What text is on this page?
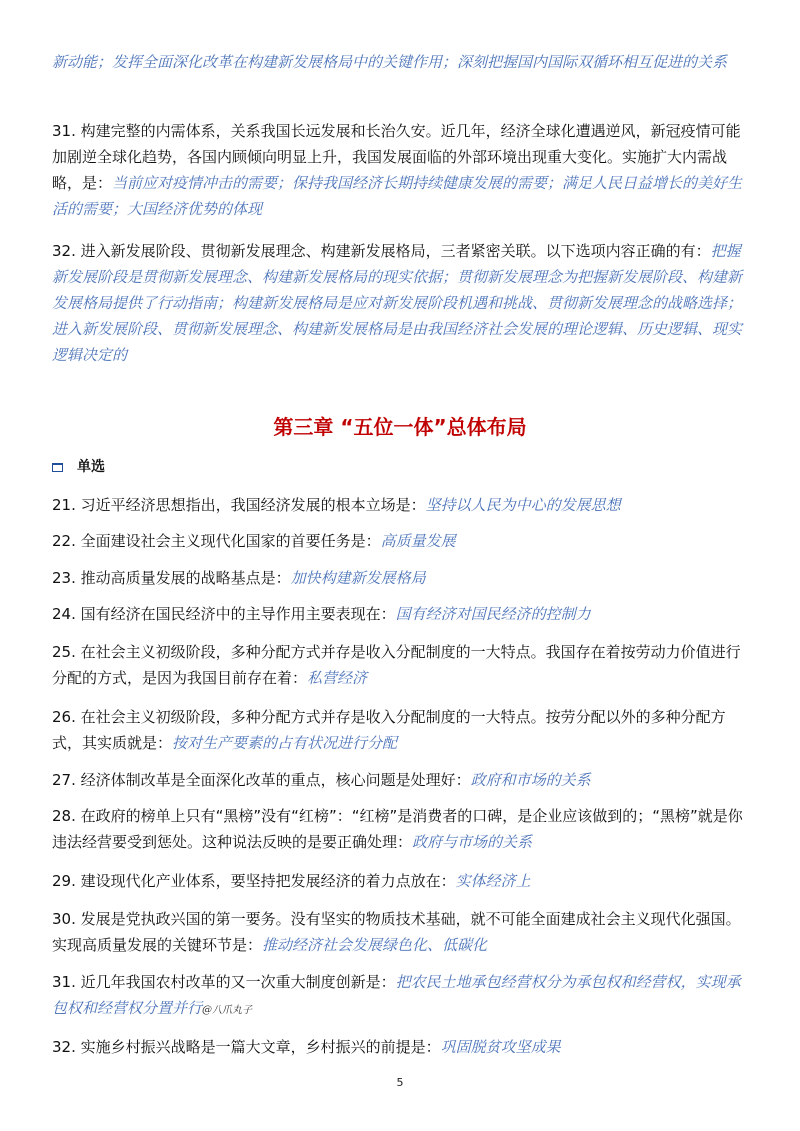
新动能；发挥全面深化改革在构建新发展格局中的关键作用；深刻把握国内国际双循环相互促进的关系
31. 构建完整的内需体系，关系我国长远发展和长治久安。近几年，经济全球化遭遇逆风，新冠疫情可能加剧逆全球化趋势，各国内顾倾向明显上升，我国发展面临的外部环境出现重大变化。实施扩大内需战略，是：当前应对疫情冲击的需要；保持我国经济长期持续健康发展的需要；满足人民日益增长的美好生活的需要；大国经济优势的体现
32. 进入新发展阶段、贯彻新发展理念、构建新发展格局，三者紧密关联。以下选项内容正确的有：把握新发展阶段是贯彻新发展理念、构建新发展格局的现实依据；贯彻新发展理念为把握新发展阶段、构建新发展格局提供了行动指南；构建新发展格局是应对新发展阶段机遇和挑战、贯彻新发展理念的战略选择；进入新发展阶段、贯彻新发展理念、构建新发展格局是由我国经济社会发展的理论逻辑、历史逻辑、现实逻辑决定的
第三章 “五位一体”总体布局
单选
21. 习近平经济思想指出，我国经济发展的根本立场是：坚持以人民为中心的发展思想
22. 全面建设社会主义现代化国家的首要任务是：高质量发展
23. 推动高质量发展的战略基点是：加快构建新发展格局
24. 国有经济在国民经济中的主导作用主要表现在：国有经济对国民经济的控制力
25. 在社会主义初级阶段，多种分配方式并存是收入分配制度的一大特点。我国存在着按劳动力价值进行分配的方式，是因为我国目前存在着：私营经济
26. 在社会主义初级阶段，多种分配方式并存是收入分配制度的一大特点。按劳分配以外的多种分配方式，其实质就是：按对生产要素的占有状况进行分配
27. 经济体制改革是全面深化改革的重点，核心问题是处理好：政府和市场的关系
28. 在政府的榜单上只有“黑榜”没有“红榜”：“红榜”是消费者的口碑，是企业应该做到的；“黑榜”就是你违法经营要受到惩处。这种说法反映的是要正确处理：政府与市场的关系
29. 建设现代化产业体系，要坚持把发展经济的着力点放在：实体经济上
30. 发展是党执政兴国的第一要务。没有坚实的物质技术基础，就不可能全面建成社会主义现代化强国。实现高质量发展的关键环节是：推动经济社会发展绿色化、低碳化
31. 近几年我国农村改革的又一次重大制度创新是：把农民土地承包经营权分为承包权和经营权，实现承包权和经营权分置并行@八爪丸子
32. 实施乡村振兴战略是一篇大文章，乡村振兴的前提是：巩固脱贫攻坚成果
5
